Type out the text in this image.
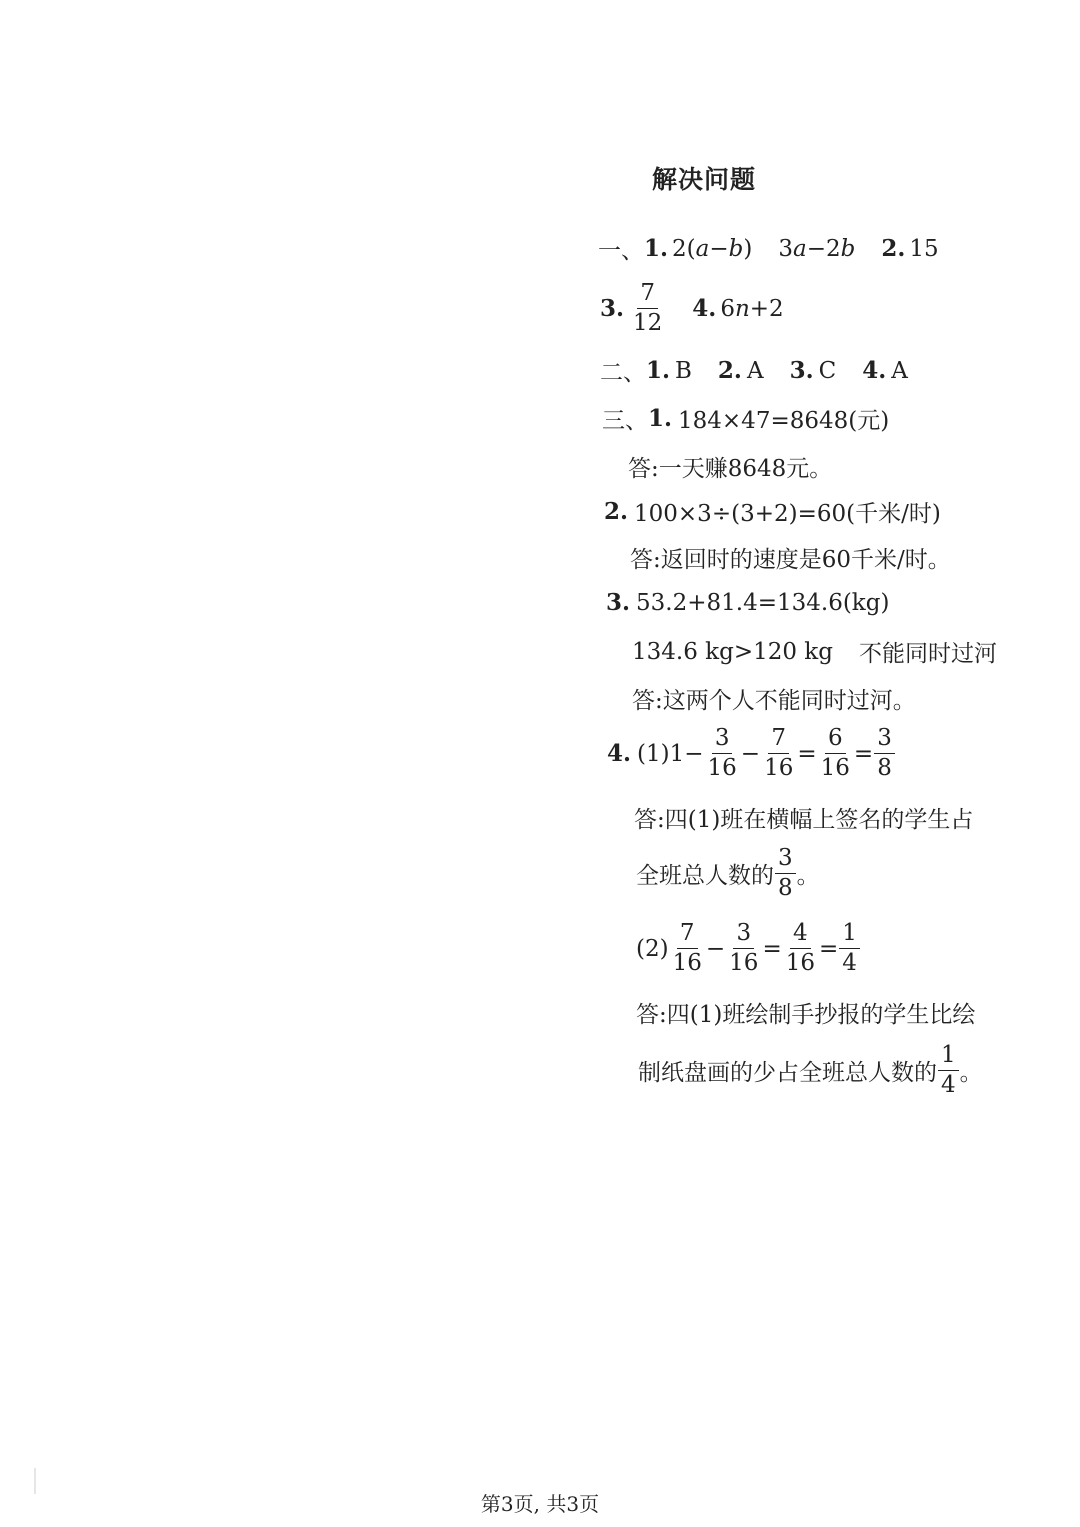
解决问题
一、 1. 2( a − b ) 3 a −2 b 2. 15
3. $\frac{7}{12} 4$. 6 n +2
二、 1. B 2. A 3. C 4. A
三、 1. 184×47=8648(元)
答:一天赚8648元。
2. 100×3÷(3+2)=60(千米/时)
答:返回时的速度是60千米/时。
3. 53.2+81.4=134.6(kg)
134.6 kg>120 kg 不能同时过河
答:这两个人不能同时过河。
4. $(1)1 - \frac{3}{16} - \frac{7}{16} = \frac{6}{16} = \frac{3}{8}$
答:四(1)班在横幅上签名的学生占
全班总人数的 $\frac{3}{8}$ 。
$(2) \frac{7}{16} - \frac{3}{16} = \frac{4}{16} = \frac{1}{4}$
答:四(1)班绘制手抄报的学生比绘
制纸盘画的少占全班总人数的 $\frac{1}{4}$ 。
第3页, 共3页
